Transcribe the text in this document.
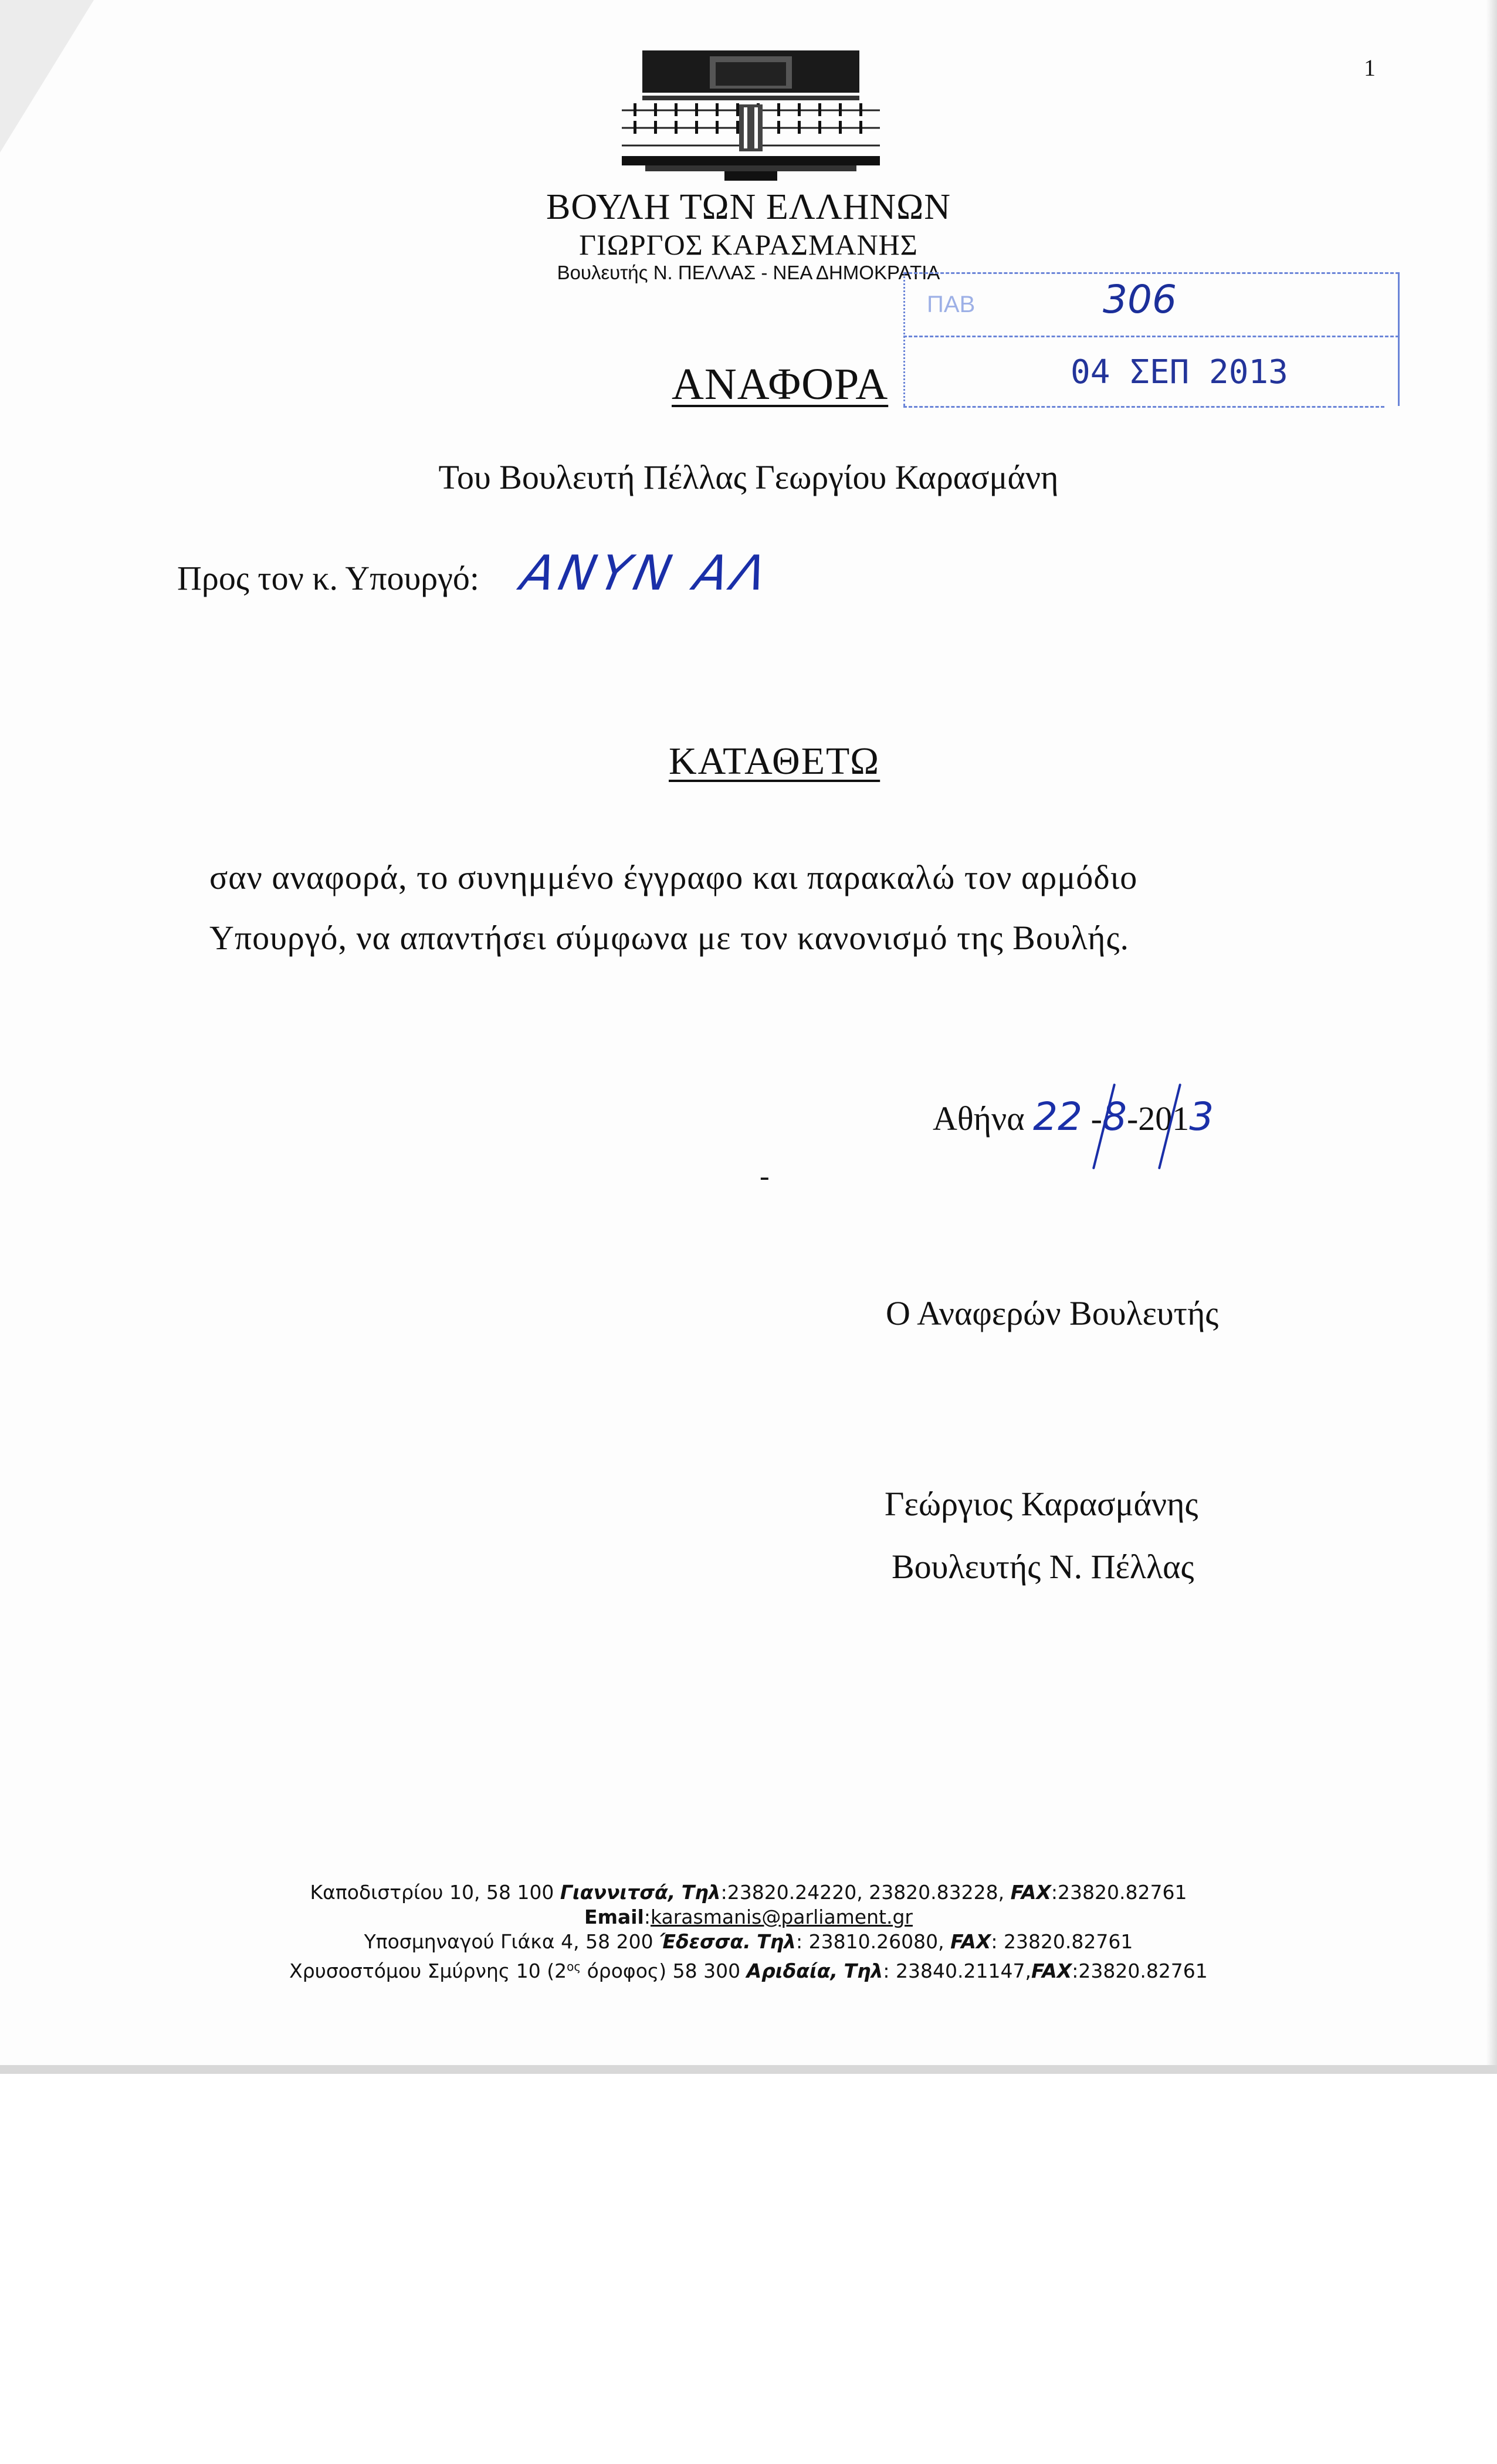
1
ΒΟΥΛΗ ΤΩΝ ΕΛΛΗΝΩΝ
ΓΙΩΡΓΟΣ ΚΑΡΑΣΜΑΝΗΣ
Βουλευτής Ν. ΠΕΛΛΑΣ - ΝΕΑ ΔΗΜΟΚΡΑΤΙΑ
ΠΑΒ	306
04 ΣΕΠ 2013
ΑΝΑΦΟΡΑ
Του Βουλευτή Πέλλας Γεωργίου Καρασμάνη
Προς τον κ. Υπουργό: ΑΝΥΝ ΑΛ
ΚΑΤΑΘΕΤΩ
σαν αναφορά, το συνημμένο έγγραφο και παρακαλώ τον αρμόδιο
Υπουργό, να απαντήσει σύμφωνα με τον κανονισμό της Βουλής.
Αθήνα 22 -8-2013
-
Ο Αναφερών Βουλευτής
Γεώργιος Καρασμάνης
Βουλευτής Ν. Πέλλας
Καποδιστρίου 10, 58 100 Γιαννιτσά, Τηλ:23820.24220, 23820.83228, FAX:23820.82761
Email:karasmanis@parliament.gr
Υποσμηναγού Γιάκα 4, 58 200 Έδεσσα. Τηλ: 23810.26080, FAX: 23820.82761
Χρυσοστόμου Σμύρνης 10 ($2^{o\varsigma}$ όροφος) 58 300 Αριδαία, Τηλ: 23840.21147,FAX:23820.82761
